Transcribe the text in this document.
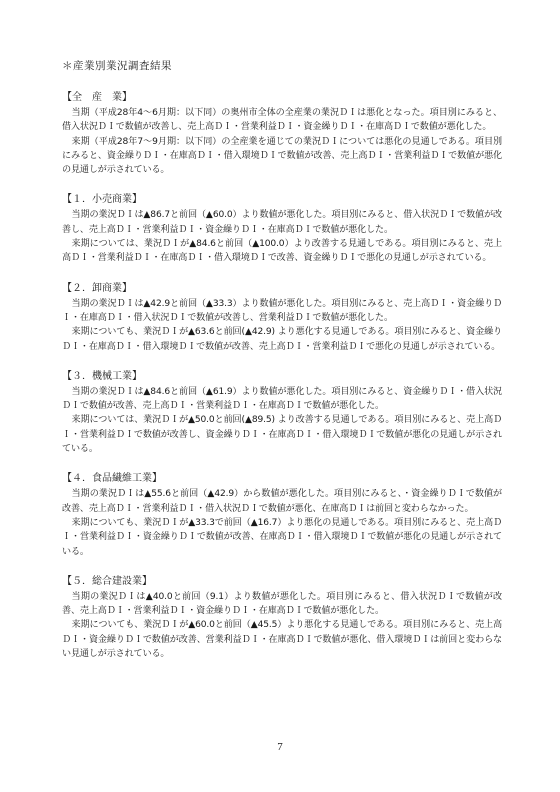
＊産業別業況調査結果
【全　産　業】

当期（平成28年4～6月期：以下同）の奥州市全体の全産業の業況ＤＩは悪化となった。項目別にみると、借入状況ＤＩで数値が改善し、売上高ＤＩ・営業利益ＤＩ・資金繰りＤＩ・在庫高ＤＩで数値が悪化した。

来期（平成28年7～9月期：以下同）の全産業を通じての業況ＤＩについては悪化の見通しである。項目別にみると、資金繰りＤＩ・在庫高ＤＩ・借入環境ＤＩで数値が改善、売上高ＤＩ・営業利益ＤＩで数値が悪化の見通しが示されている。

【１．小売商業】

当期の業況ＤＩは▲86.7と前回（▲60.0）より数値が悪化した。項目別にみると、借入状況ＤＩで数値が改善し、売上高ＤＩ・営業利益ＤＩ・資金繰りＤＩ・在庫高ＤＩで数値が悪化した。

来期については、業況ＤＩが▲84.6と前回（▲100.0）より改善する見通しである。項目別にみると、売上高ＤＩ・営業利益ＤＩ・在庫高ＤＩ・借入環境ＤＩで改善、資金繰りＤＩで悪化の見通しが示されている。

【２．卸商業】

当期の業況ＤＩは▲42.9と前回（▲33.3）より数値が悪化した。項目別にみると、売上高ＤＩ・資金繰りＤＩ・在庫高ＤＩ・借入状況ＤＩで数値が改善し、営業利益ＤＩで数値が悪化した。

来期についても、業況ＤＩが▲63.6と前回(▲42.9) より悪化する見通しである。項目別にみると、資金繰りＤＩ・在庫高ＤＩ・借入環境ＤＩで数値が改善、売上高ＤＩ・営業利益ＤＩで悪化の見通しが示されている。

【３．機械工業】

当期の業況ＤＩは▲84.6と前回（▲61.9）より数値が悪化した。項目別にみると、資金繰りＤＩ・借入状況ＤＩで数値が改善、売上高ＤＩ・営業利益ＤＩ・在庫高ＤＩで数値が悪化した。

来期については、業況ＤＩが▲50.0と前回(▲89.5) より改善する見通しである。項目別にみると、売上高ＤＩ・営業利益ＤＩで数値が改善し、資金繰りＤＩ・在庫高ＤＩ・借入環境ＤＩで数値が悪化の見通しが示されている。

【４．食品繊維工業】

当期の業況ＤＩは▲55.6と前回（▲42.9）から数値が悪化した。項目別にみると、・資金繰りＤＩで数値が改善、売上高ＤＩ・営業利益ＤＩ・借入状況ＤＩで数値が悪化、在庫高ＤＩは前回と変わらなかった。

来期についても、業況ＤＩが▲33.3で前回（▲16.7）より悪化の見通しである。項目別にみると、売上高ＤＩ・営業利益ＤＩ・資金繰りＤＩで数値が改善、在庫高ＤＩ・借入環境ＤＩで数値が悪化の見通しが示されている。

【５．総合建設業】

当期の業況ＤＩは▲40.0と前回（9.1）より数値が悪化した。項目別にみると、借入状況ＤＩで数値が改善、売上高ＤＩ・営業利益ＤＩ・資金繰りＤＩ・在庫高ＤＩで数値が悪化した。

来期についても、業況ＤＩが▲60.0と前回（▲45.5）より悪化する見通しである。項目別にみると、売上高ＤＩ・資金繰りＤＩで数値が改善、営業利益ＤＩ・在庫高ＤＩで数値が悪化、借入環境ＤＩは前回と変わらない見通しが示されている。

7
